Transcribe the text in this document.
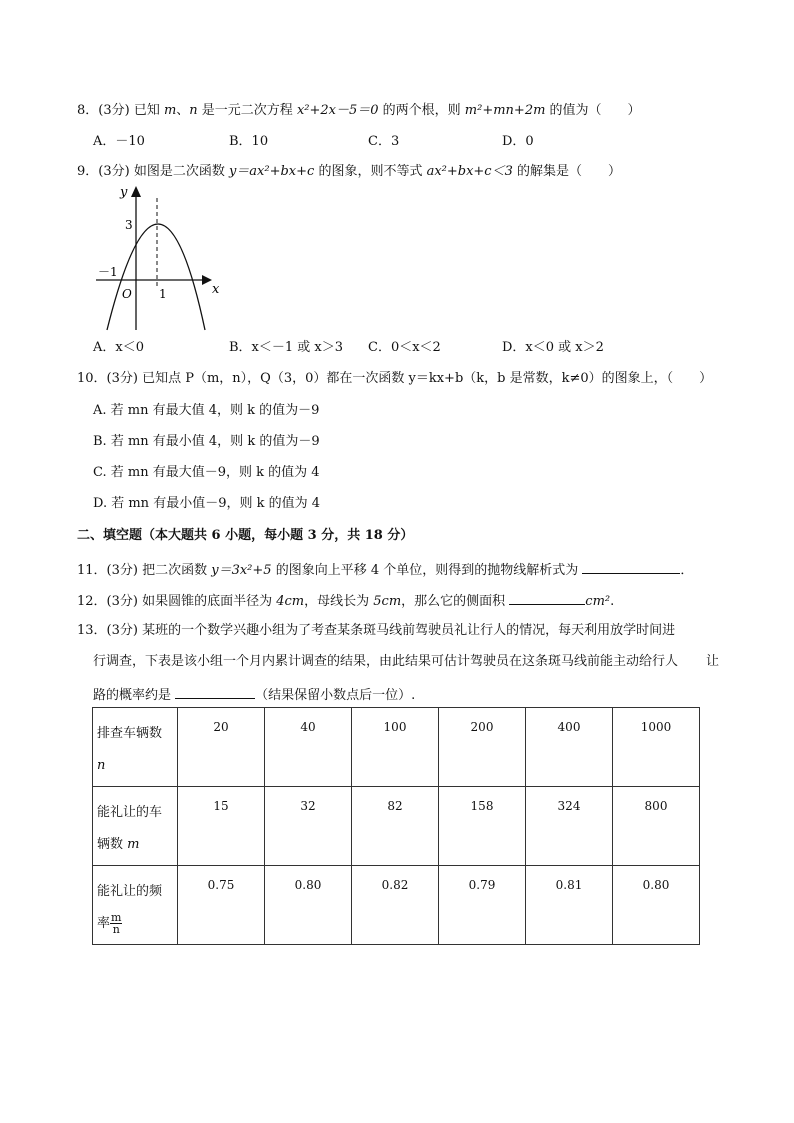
8．(3分) 已知 m、n 是一元二次方程 x²+2x－5＝0 的两个根，则 m²+mn+2m 的值为（　　）
A．－10	B．10	C．3	D．0
9．(3分) 如图是二次函数 y＝ax²+bx+c 的图象，则不等式 ax²+bx+c＜3 的解集是（　　）
y
x
3
－1
O 1
A．x＜0	B．x＜－1 或 x＞3 C．0＜x＜2	D．x＜0 或 x＞2
10．(3分) 已知点 P（m，n），Q（3，0）都在一次函数 y＝kx+b（k，b 是常数，k≠0）的图象上，（　　）
A. 若 mn 有最大值 4，则 k 的值为－9
B. 若 mn 有最小值 4，则 k 的值为－9
C. 若 mn 有最大值－9，则 k 的值为 4
D. 若 mn 有最小值－9，则 k 的值为 4
二、填空题（本大题共 6 小题，每小题 3 分，共 18 分）
11．(3分) 把二次函数 y＝3x²+5 的图象向上平移 4 个单位，则得到的抛物线解析式为	．
12．(3分) 如果圆锥的底面半径为 4cm，母线长为 5cm，那么它的侧面积	cm².
13．(3分) 某班的一个数学兴趣小组为了考查某条斑马线前驾驶员礼让行人的情况，每天利用放学时间进
行调查，下表是该小组一个月内累计调查的结果，由此结果可估计驾驶员在这条斑马线前能主动给行人 让
路的概率约是	（结果保留小数点后一位）.
排查车辆数
n	20	40	100	200	400	1000
能礼让的车
辆数 m	15	32	82	158	324	800
能礼让的频
率 $\frac{m}{n}$	0.75	0.80	0.82	0.79	0.81	0.80
